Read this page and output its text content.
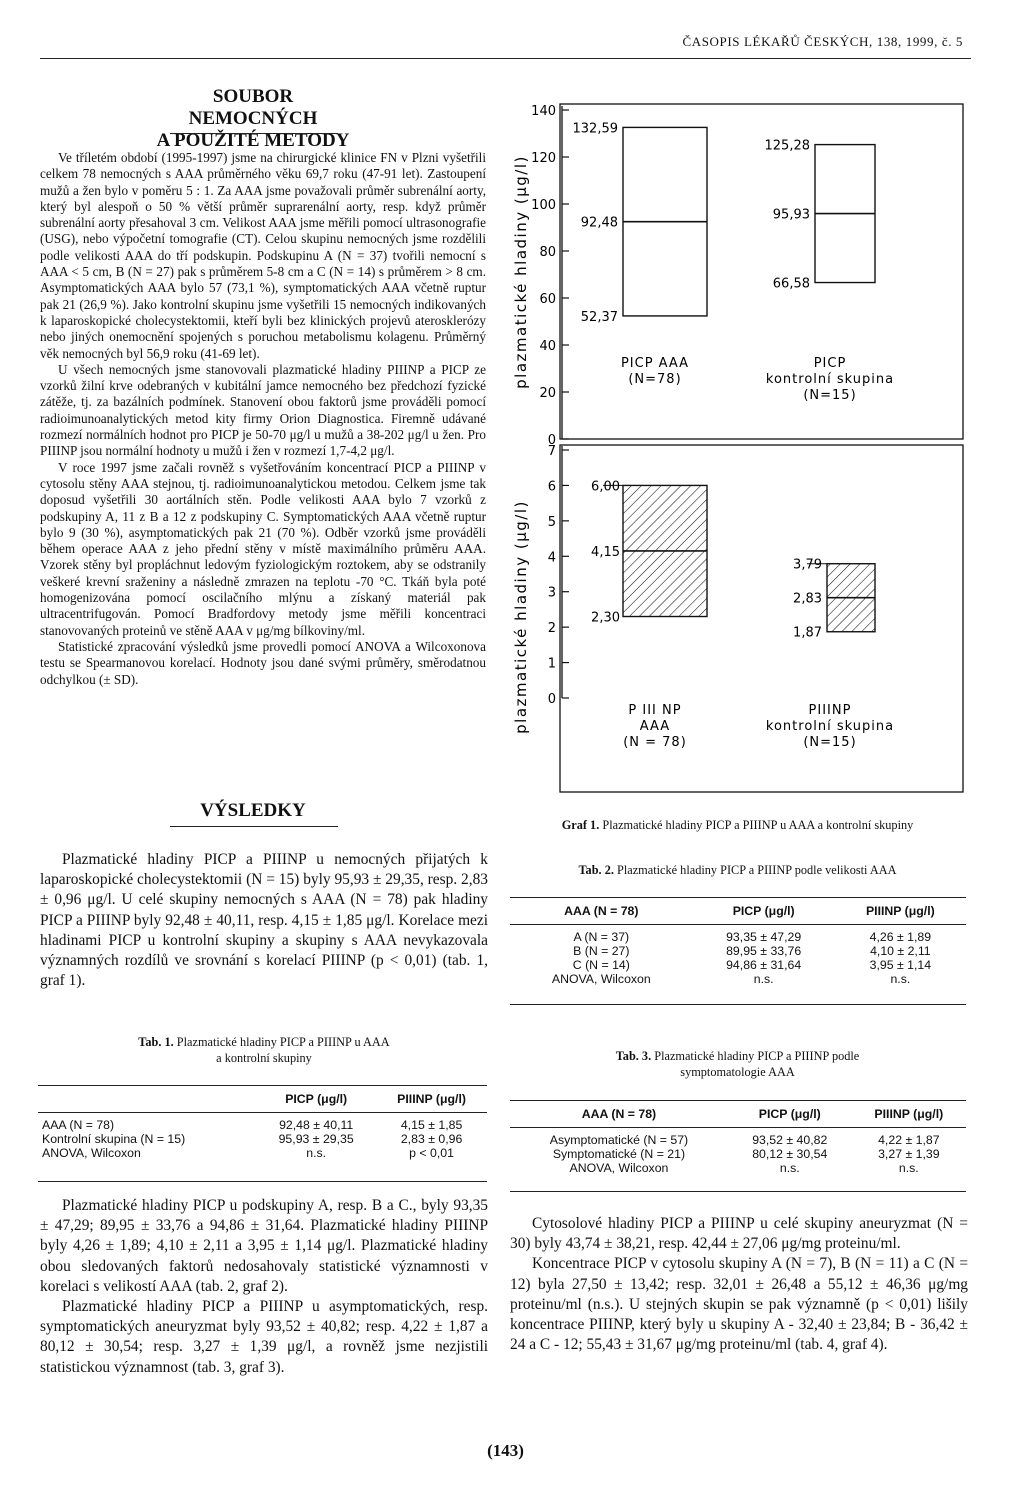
ČASOPIS LÉKAŘŮ ČESKÝCH, 138, 1999, č. 5
SOUBOR NEMOCNÝCH
A POUŽITÉ METODY

Ve tříletém období (1995-1997) jsme na chirurgické klinice FN v Plzni vyšetřili celkem 78 nemocných s AAA průměrného věku 69,7 roku (47-91 let). Zastoupení mužů a žen bylo v poměru 5 : 1. Za AAA jsme považovali průměr subrenální aorty, který byl alespoň o 50 % větší průměr suprarenální aorty, resp. když průměr subrenální aorty přesahoval 3 cm. Velikost AAA jsme měřili pomocí ultrasonografie (USG), nebo výpočetní tomografie (CT). Celou skupinu nemocných jsme rozdělili podle velikosti AAA do tří podskupin. Podskupinu A (N = 37) tvořili nemocní s AAA < 5 cm, B (N = 27) pak s průměrem 5-8 cm a C (N = 14) s průměrem > 8 cm. Asymptomatických AAA bylo 57 (73,1 %), symptomatických AAA včetně ruptur pak 21 (26,9 %). Jako kontrolní skupinu jsme vyšetřili 15 nemocných indikovaných k laparoskopické cholecystektomii, kteří byli bez klinických projevů aterosklerózy nebo jiných onemocnění spojených s poruchou metabolismu kolagenu. Průměrný věk nemocných byl 56,9 roku (41-69 let).

U všech nemocných jsme stanovovali plazmatické hladiny PIIINP a PICP ze vzorků žilní krve odebraných v kubitální jamce nemocného bez předchozí fyzické zátěže, tj. za bazálních podmínek. Stanovení obou faktorů jsme prováděli pomocí radioimunoanalytických metod kity firmy Orion Diagnostica. Firemně udávané rozmezí normálních hodnot pro PICP je 50-70 μg/l u mužů a 38-202 μg/l u žen. Pro PIIINP jsou normální hodnoty u mužů i žen v rozmezí 1,7-4,2 μg/l.

V roce 1997 jsme začali rovněž s vyšetřováním koncentrací PICP a PIIINP v cytosolu stěny AAA stejnou, tj. radioimunoanalytickou metodou. Celkem jsme tak doposud vyšetřili 30 aortálních stěn. Podle velikosti AAA bylo 7 vzorků z podskupiny A, 11 z B a 12 z podskupiny C. Symptomatických AAA včetně ruptur bylo 9 (30 %), asymptomatických pak 21 (70 %). Odběr vzorků jsme prováděli během operace AAA z jeho přední stěny v místě maximálního průměru AAA. Vzorek stěny byl propláchnut ledovým fyziologickým roztokem, aby se odstranily veškeré krevní sraženiny a následně zmrazen na teplotu -70 °C. Tkáň byla poté homogenizována pomocí oscilačního mlýnu a získaný materiál pak ultracentrifugován. Pomocí Bradfordovy metody jsme měřili koncentraci stanovovaných proteinů ve stěně AAA v μg/mg bílkoviny/ml.

Statistické zpracování výsledků jsme provedli pomocí ANOVA a Wilcoxonova testu se Spearmanovou korelací. Hodnoty jsou dané svými průměry, směrodatnou odchylkou (± SD).

VÝSLEDKY

Plazmatické hladiny PICP a PIIINP u nemocných přijatých k laparoskopické cholecystektomii (N = 15) byly 95,93 ± 29,35, resp. 2,83 ± 0,96 μg/l. U celé skupiny nemocných s AAA (N = 78) pak hladiny PICP a PIIINP byly 92,48 ± 40,11, resp. 4,15 ± 1,85 μg/l. Korelace mezi hladinami PICP u kontrolní skupiny a skupiny s AAA nevykazovala významných rozdílů ve srovnání s korelací PIIINP (p < 0,01) (tab. 1, graf 1).

Tab. 1. Plazmatické hladiny PICP a PIIINP u AAA
a kontrolní skupiny
	PICP (μg/l)	PIIINP (μg/l)

AAA (N = 78)	92,48 ± 40,11	4,15 ± 1,85
Kontrolní skupina (N = 15)	95,93 ± 29,35	2,83 ± 0,96
ANOVA, Wilcoxon	n.s.	p < 0,01

Plazmatické hladiny PICP u podskupiny A, resp. B a C., byly 93,35 ± 47,29; 89,95 ± 33,76 a 94,86 ± 31,64. Plazmatické hladiny PIIINP byly 4,26 ± 1,89; 4,10 ± 2,11 a 3,95 ± 1,14 μg/l. Plazmatické hladiny obou sledovaných faktorů nedosahovaly statistické významnosti v korelaci s velikostí AAA (tab. 2, graf 2).

Plazmatické hladiny PICP a PIIINP u asymptomatických, resp. symptomatických aneuryzmat byly 93,52 ± 40,82; resp. 4,22 ± 1,87 a 80,12 ± 30,54; resp. 3,27 ± 1,39 μg/l, a rovněž jsme nezjistili statistickou významnost (tab. 3, graf 3).

plazmatické hladiny (μg/l)
0
20
40
60
80
100
120
140
132,59
92,48
52,37
PICP AAA
(N=78)
125,28
95,93
66,58
PICP
kontrolní skupina
(N=15)
plazmatické hladiny (μg/l) 0
1
2
3
4
5
6
7
6,00
4,15
2,30
P III NP
AAA
(N = 78)
3,79
2,83
1,87
PIIINP
kontrolní skupina
(N=15)
Graf 1. Plazmatické hladiny PICP a PIIINP u AAA a kontrolní skupiny
Tab. 2. Plazmatické hladiny PICP a PIIINP podle velikosti AAA
AAA (N = 78)	PICP (μg/l)	PIIINP (μg/l)

A (N = 37)	93,35 ± 47,29	4,26 ± 1,89
B (N = 27)	89,95 ± 33,76	4,10 ± 2,11
C (N = 14)	94,86 ± 31,64	3,95 ± 1,14
ANOVA, Wilcoxon	n.s.	n.s.
Tab. 3. Plazmatické hladiny PICP a PIIINP podle
symptomatologie AAA
AAA (N = 78)	PICP (μg/l)	PIIINP (μg/l)

Asymptomatické (N = 57)	93,52 ± 40,82	4,22 ± 1,87
Symptomatické (N = 21)	80,12 ± 30,54	3,27 ± 1,39
ANOVA, Wilcoxon	n.s.	n.s.

Cytosolové hladiny PICP a PIIINP u celé skupiny aneuryzmat (N = 30) byly 43,74 ± 38,21, resp. 42,44 ± 27,06 μg/mg proteinu/ml.

Koncentrace PICP v cytosolu skupiny A (N = 7), B (N = 11) a C (N = 12) byla 27,50 ± 13,42; resp. 32,01 ± 26,48 a 55,12 ± 46,36 μg/mg proteinu/ml (n.s.). U stejných skupin se pak významně (p < 0,01) lišily koncentrace PIIINP, který byly u skupiny A - 32,40 ± 23,84; B - 36,42 ± 24 a C - 12; 55,43 ± 31,67 μg/mg proteinu/ml (tab. 4, graf 4).

(143)
